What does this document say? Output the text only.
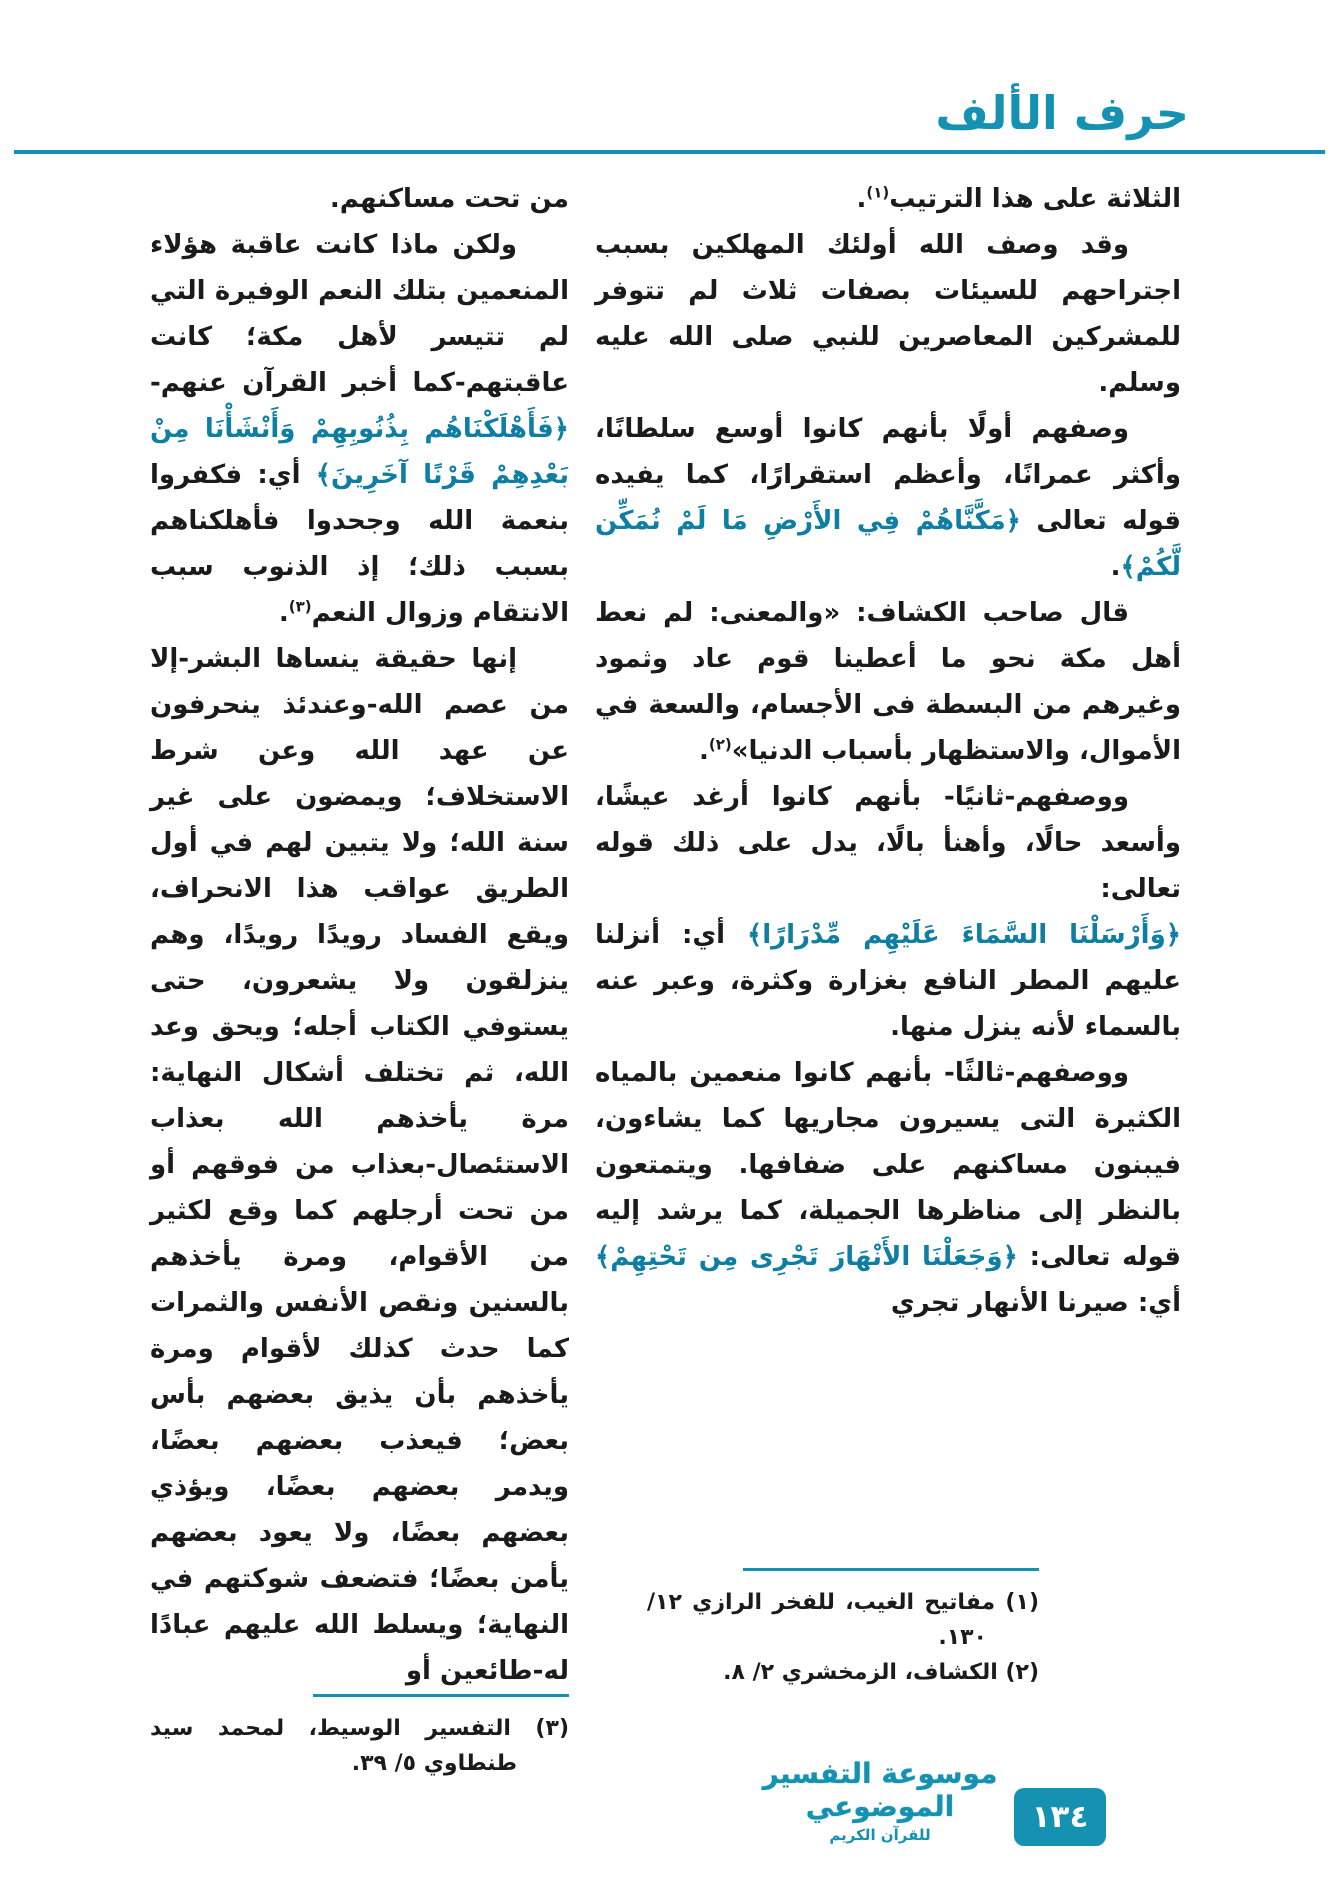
حرف الألف

الثلاثة على هذا الترتيب$^{(١)}$.

وقد وصف الله أولئك المهلكين بسبب اجتراحهم للسيئات بصفات ثلاث لم تتوفر للمشركين المعاصرين للنبي صلى الله عليه وسلم.

وصفهم أولًا بأنهم كانوا أوسع سلطانًا، وأكثر عمرانًا، وأعظم استقرارًا، كما يفيده قوله تعالى ﴿مَكَّنَّاهُمْ فِي الأَرْضِ مَا لَمْ نُمَكِّن لَّكُمْ﴾.

قال صاحب الكشاف: «والمعنى: لم نعط أهل مكة نحو ما أعطينا قوم عاد وثمود وغيرهم من البسطة فى الأجسام، والسعة في الأموال، والاستظهار بأسباب الدنيا»$^{(٢)}$.

ووصفهم-ثانيًا- بأنهم كانوا أرغد عيشًا، وأسعد حالًا، وأهنأ بالًا، يدل على ذلك قوله تعالى:

﴿وَأَرْسَلْنَا السَّمَاءَ عَلَيْهِم مِّدْرَارًا﴾ أي: أنزلنا عليهم المطر النافع بغزارة وكثرة، وعبر عنه بالسماء لأنه ينزل منها.

ووصفهم-ثالثًا- بأنهم كانوا منعمين بالمياه الكثيرة التى يسيرون مجاريها كما يشاءون، فيبنون مساكنهم على ضفافها. ويتمتعون بالنظر إلى مناظرها الجميلة، كما يرشد إليه قوله تعالى: ﴿وَجَعَلْنَا الأَنْهَارَ تَجْرِى مِن تَحْتِهِمْ﴾ أي: صيرنا الأنهار تجري

(١) مفاتيح الغيب، للفخر الرازي ١٢/ ١٣٠.
(٢) الكشاف، الزمخشري ٢/ ٨.

من تحت مساكنهم.

ولكن ماذا كانت عاقبة هؤلاء المنعمين بتلك النعم الوفيرة التي لم تتيسر لأهل مكة؛ كانت عاقبتهم-كما أخبر القرآن عنهم- ﴿فَأَهْلَكْنَاهُم بِذُنُوبِهِمْ وَأَنْشَأْنَا مِنْ بَعْدِهِمْ قَرْنًا آخَرِينَ﴾ أي: فكفروا بنعمة الله وجحدوا فأهلكناهم بسبب ذلك؛ إذ الذنوب سبب الانتقام وزوال النعم$^{(٣)}$.

إنها حقيقة ينساها البشر-إلا من عصم الله-وعندئذ ينحرفون عن عهد الله وعن شرط الاستخلاف؛ ويمضون على غير سنة الله؛ ولا يتبين لهم في أول الطريق عواقب هذا الانحراف، ويقع الفساد رويدًا رويدًا، وهم ينزلقون ولا يشعرون، حتى يستوفي الكتاب أجله؛ ويحق وعد الله، ثم تختلف أشكال النهاية: مرة يأخذهم الله بعذاب الاستئصال-بعذاب من فوقهم أو من تحت أرجلهم كما وقع لكثير من الأقوام، ومرة يأخذهم بالسنين ونقص الأنفس والثمرات كما حدث كذلك لأقوام ومرة يأخذهم بأن يذيق بعضهم بأس بعض؛ فيعذب بعضهم بعضًا، ويدمر بعضهم بعضًا، ويؤذي بعضهم بعضًا، ولا يعود بعضهم يأمن بعضًا؛ فتضعف شوكتهم في النهاية؛ ويسلط الله عليهم عبادًا له-طائعين أو

(٣) التفسير الوسيط، لمحمد سيد طنطاوي ٥/ ٣٩.	موسوعة التفسير الموضوعي
للقرآن الكريم	١٣٤
